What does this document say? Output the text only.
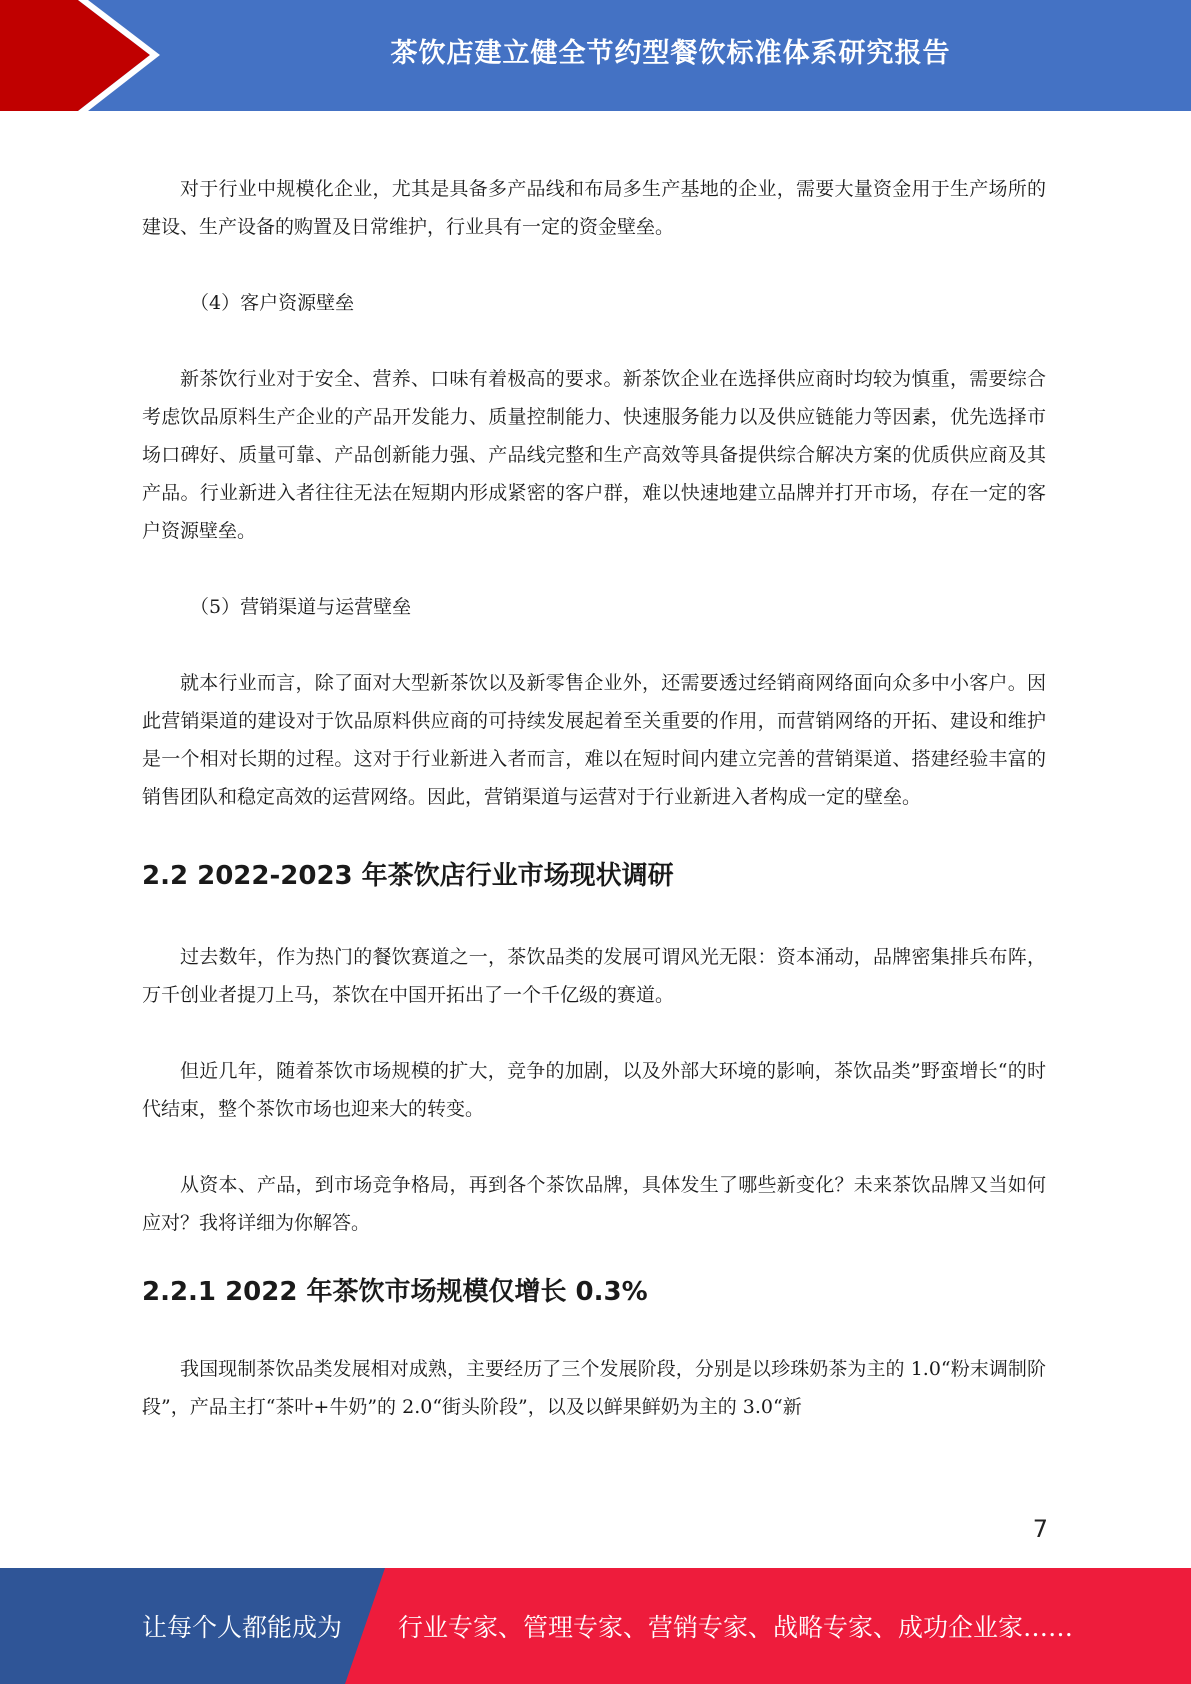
茶饮店建立健全节约型餐饮标准体系研究报告

对于行业中规模化企业，尤其是具备多产品线和布局多生产基地的企业，需要大量资金用于生产场所的建设、生产设备的购置及日常维护，行业具有一定的资金壁垒。

（4）客户资源壁垒

新茶饮行业对于安全、营养、口味有着极高的要求。新茶饮企业在选择供应商时均较为慎重，需要综合考虑饮品原料生产企业的产品开发能力、质量控制能力、快速服务能力以及供应链能力等因素，优先选择市场口碑好、质量可靠、产品创新能力强、产品线完整和生产高效等具备提供综合解决方案的优质供应商及其产品。行业新进入者往往无法在短期内形成紧密的客户群，难以快速地建立品牌并打开市场，存在一定的客户资源壁垒。

（5）营销渠道与运营壁垒

就本行业而言，除了面对大型新茶饮以及新零售企业外，还需要透过经销商网络面向众多中小客户。因此营销渠道的建设对于饮品原料供应商的可持续发展起着至关重要的作用，而营销网络的开拓、建设和维护是一个相对长期的过程。这对于行业新进入者而言，难以在短时间内建立完善的营销渠道、搭建经验丰富的销售团队和稳定高效的运营网络。因此，营销渠道与运营对于行业新进入者构成一定的壁垒。

2.2 2022-2023 年茶饮店行业市场现状调研

过去数年，作为热门的餐饮赛道之一，茶饮品类的发展可谓风光无限：资本涌动，品牌密集排兵布阵，万千创业者提刀上马，茶饮在中国开拓出了一个千亿级的赛道。

但近几年，随着茶饮市场规模的扩大，竞争的加剧，以及外部大环境的影响，茶饮品类”野蛮增长“的时代结束，整个茶饮市场也迎来大的转变。

从资本、产品，到市场竞争格局，再到各个茶饮品牌，具体发生了哪些新变化？未来茶饮品牌又当如何应对？我将详细为你解答。

2.2.1 2022 年茶饮市场规模仅增长 0.3%

我国现制茶饮品类发展相对成熟，主要经历了三个发展阶段，分别是以珍珠奶茶为主的 1.0“粉末调制阶段”，产品主打“茶叶+牛奶”的 2.0“街头阶段”，以及以鲜果鲜奶为主的 3.0“新

7
让每个人都能成为 行业专家、管理专家、营销专家、战略专家、成功企业家……
